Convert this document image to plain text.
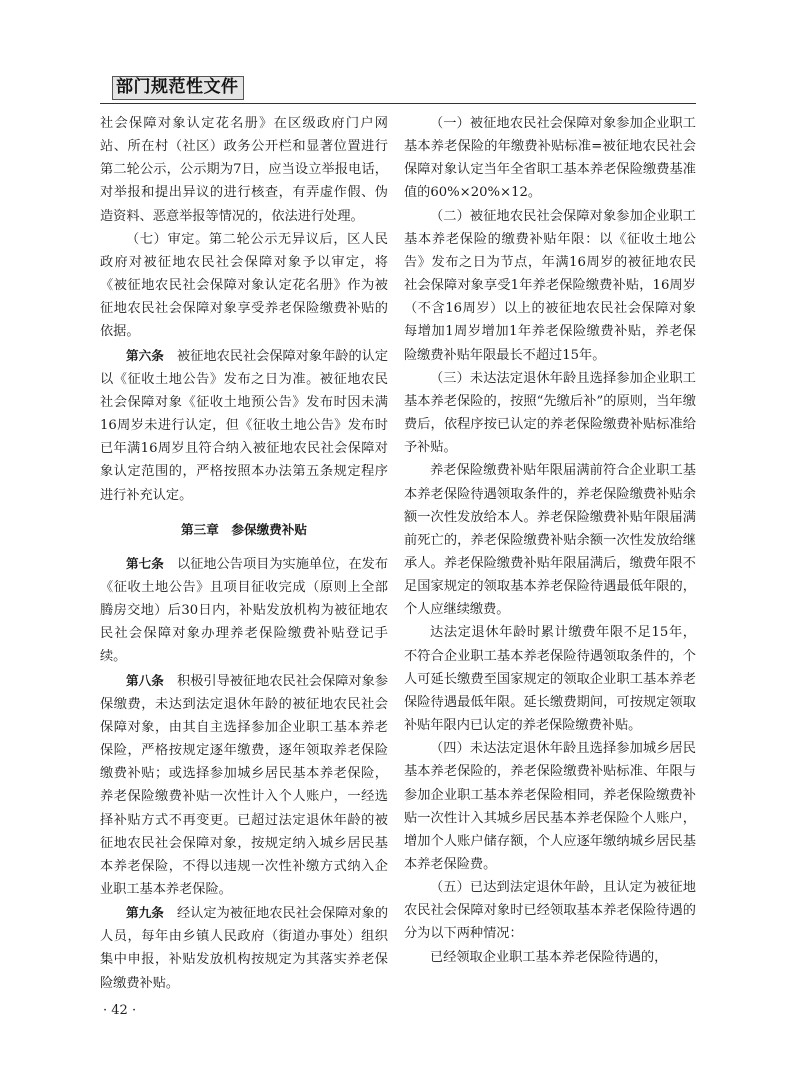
部门规范性文件

社会保障对象认定花名册》在区级政府门户网站、所在村（社区）政务公开栏和显著位置进行第二轮公示，公示期为7日，应当设立举报电话，对举报和提出异议的进行核查，有弄虚作假、伪造资料、恶意举报等情况的，依法进行处理。

（七）审定。第二轮公示无异议后，区人民政府对被征地农民社会保障对象予以审定，将《被征地农民社会保障对象认定花名册》作为被征地农民社会保障对象享受养老保险缴费补贴的依据。

第六条　 被征地农民社会保障对象年龄的认定以《征收土地公告》发布之日为准。被征地农民社会保障对象《征收土地预公告》发布时因未满16周岁未进行认定，但《征收土地公告》发布时已年满16周岁且符合纳入被征地农民社会保障对象认定范围的，严格按照本办法第五条规定程序进行补充认定。

第三章　参保缴费补贴

第七条　 以征地公告项目为实施单位，在发布《征收土地公告》且项目征收完成（原则上全部腾房交地）后30日内，补贴发放机构为被征地农民社会保障对象办理养老保险缴费补贴登记手续。

第八条　 积极引导被征地农民社会保障对象参保缴费，未达到法定退休年龄的被征地农民社会保障对象，由其自主选择参加企业职工基本养老保险，严格按规定逐年缴费，逐年领取养老保险缴费补贴；或选择参加城乡居民基本养老保险，养老保险缴费补贴一次性计入个人账户，一经选择补贴方式不再变更。已超过法定退休年龄的被征地农民社会保障对象，按规定纳入城乡居民基本养老保险，不得以违规一次性补缴方式纳入企业职工基本养老保险。

第九条　 经认定为被征地农民社会保障对象的人员，每年由乡镇人民政府（街道办事处）组织集中申报，补贴发放机构按规定为其落实养老保险缴费补贴。

（一）被征地农民社会保障对象参加企业职工基本养老保险的年缴费补贴标准=被征地农民社会保障对象认定当年全省职工基本养老保险缴费基准值的60%×20%×12。

（二）被征地农民社会保障对象参加企业职工基本养老保险的缴费补贴年限：以《征收土地公告》发布之日为节点，年满16周岁的被征地农民社会保障对象享受1年养老保险缴费补贴，16周岁（不含16周岁）以上的被征地农民社会保障对象每增加1周岁增加1年养老保险缴费补贴，养老保险缴费补贴年限最长不超过15年。

（三）未达法定退休年龄且选择参加企业职工基本养老保险的，按照“先缴后补”的原则，当年缴费后，依程序按已认定的养老保险缴费补贴标准给予补贴。

养老保险缴费补贴年限届满前符合企业职工基本养老保险待遇领取条件的，养老保险缴费补贴余额一次性发放给本人。养老保险缴费补贴年限届满前死亡的，养老保险缴费补贴余额一次性发放给继承人。养老保险缴费补贴年限届满后，缴费年限不足国家规定的领取基本养老保险待遇最低年限的，个人应继续缴费。

达法定退休年龄时累计缴费年限不足15年，不符合企业职工基本养老保险待遇领取条件的，个人可延长缴费至国家规定的领取企业职工基本养老保险待遇最低年限。延长缴费期间，可按规定领取补贴年限内已认定的养老保险缴费补贴。

（四）未达法定退休年龄且选择参加城乡居民基本养老保险的，养老保险缴费补贴标准、年限与参加企业职工基本养老保险相同，养老保险缴费补贴一次性计入其城乡居民基本养老保险个人账户，增加个人账户储存额，个人应逐年缴纳城乡居民基本养老保险费。

（五）已达到法定退休年龄，且认定为被征地农民社会保障对象时已经领取基本养老保险待遇的分为以下两种情况：

已经领取企业职工基本养老保险待遇的，

· 42 ·
